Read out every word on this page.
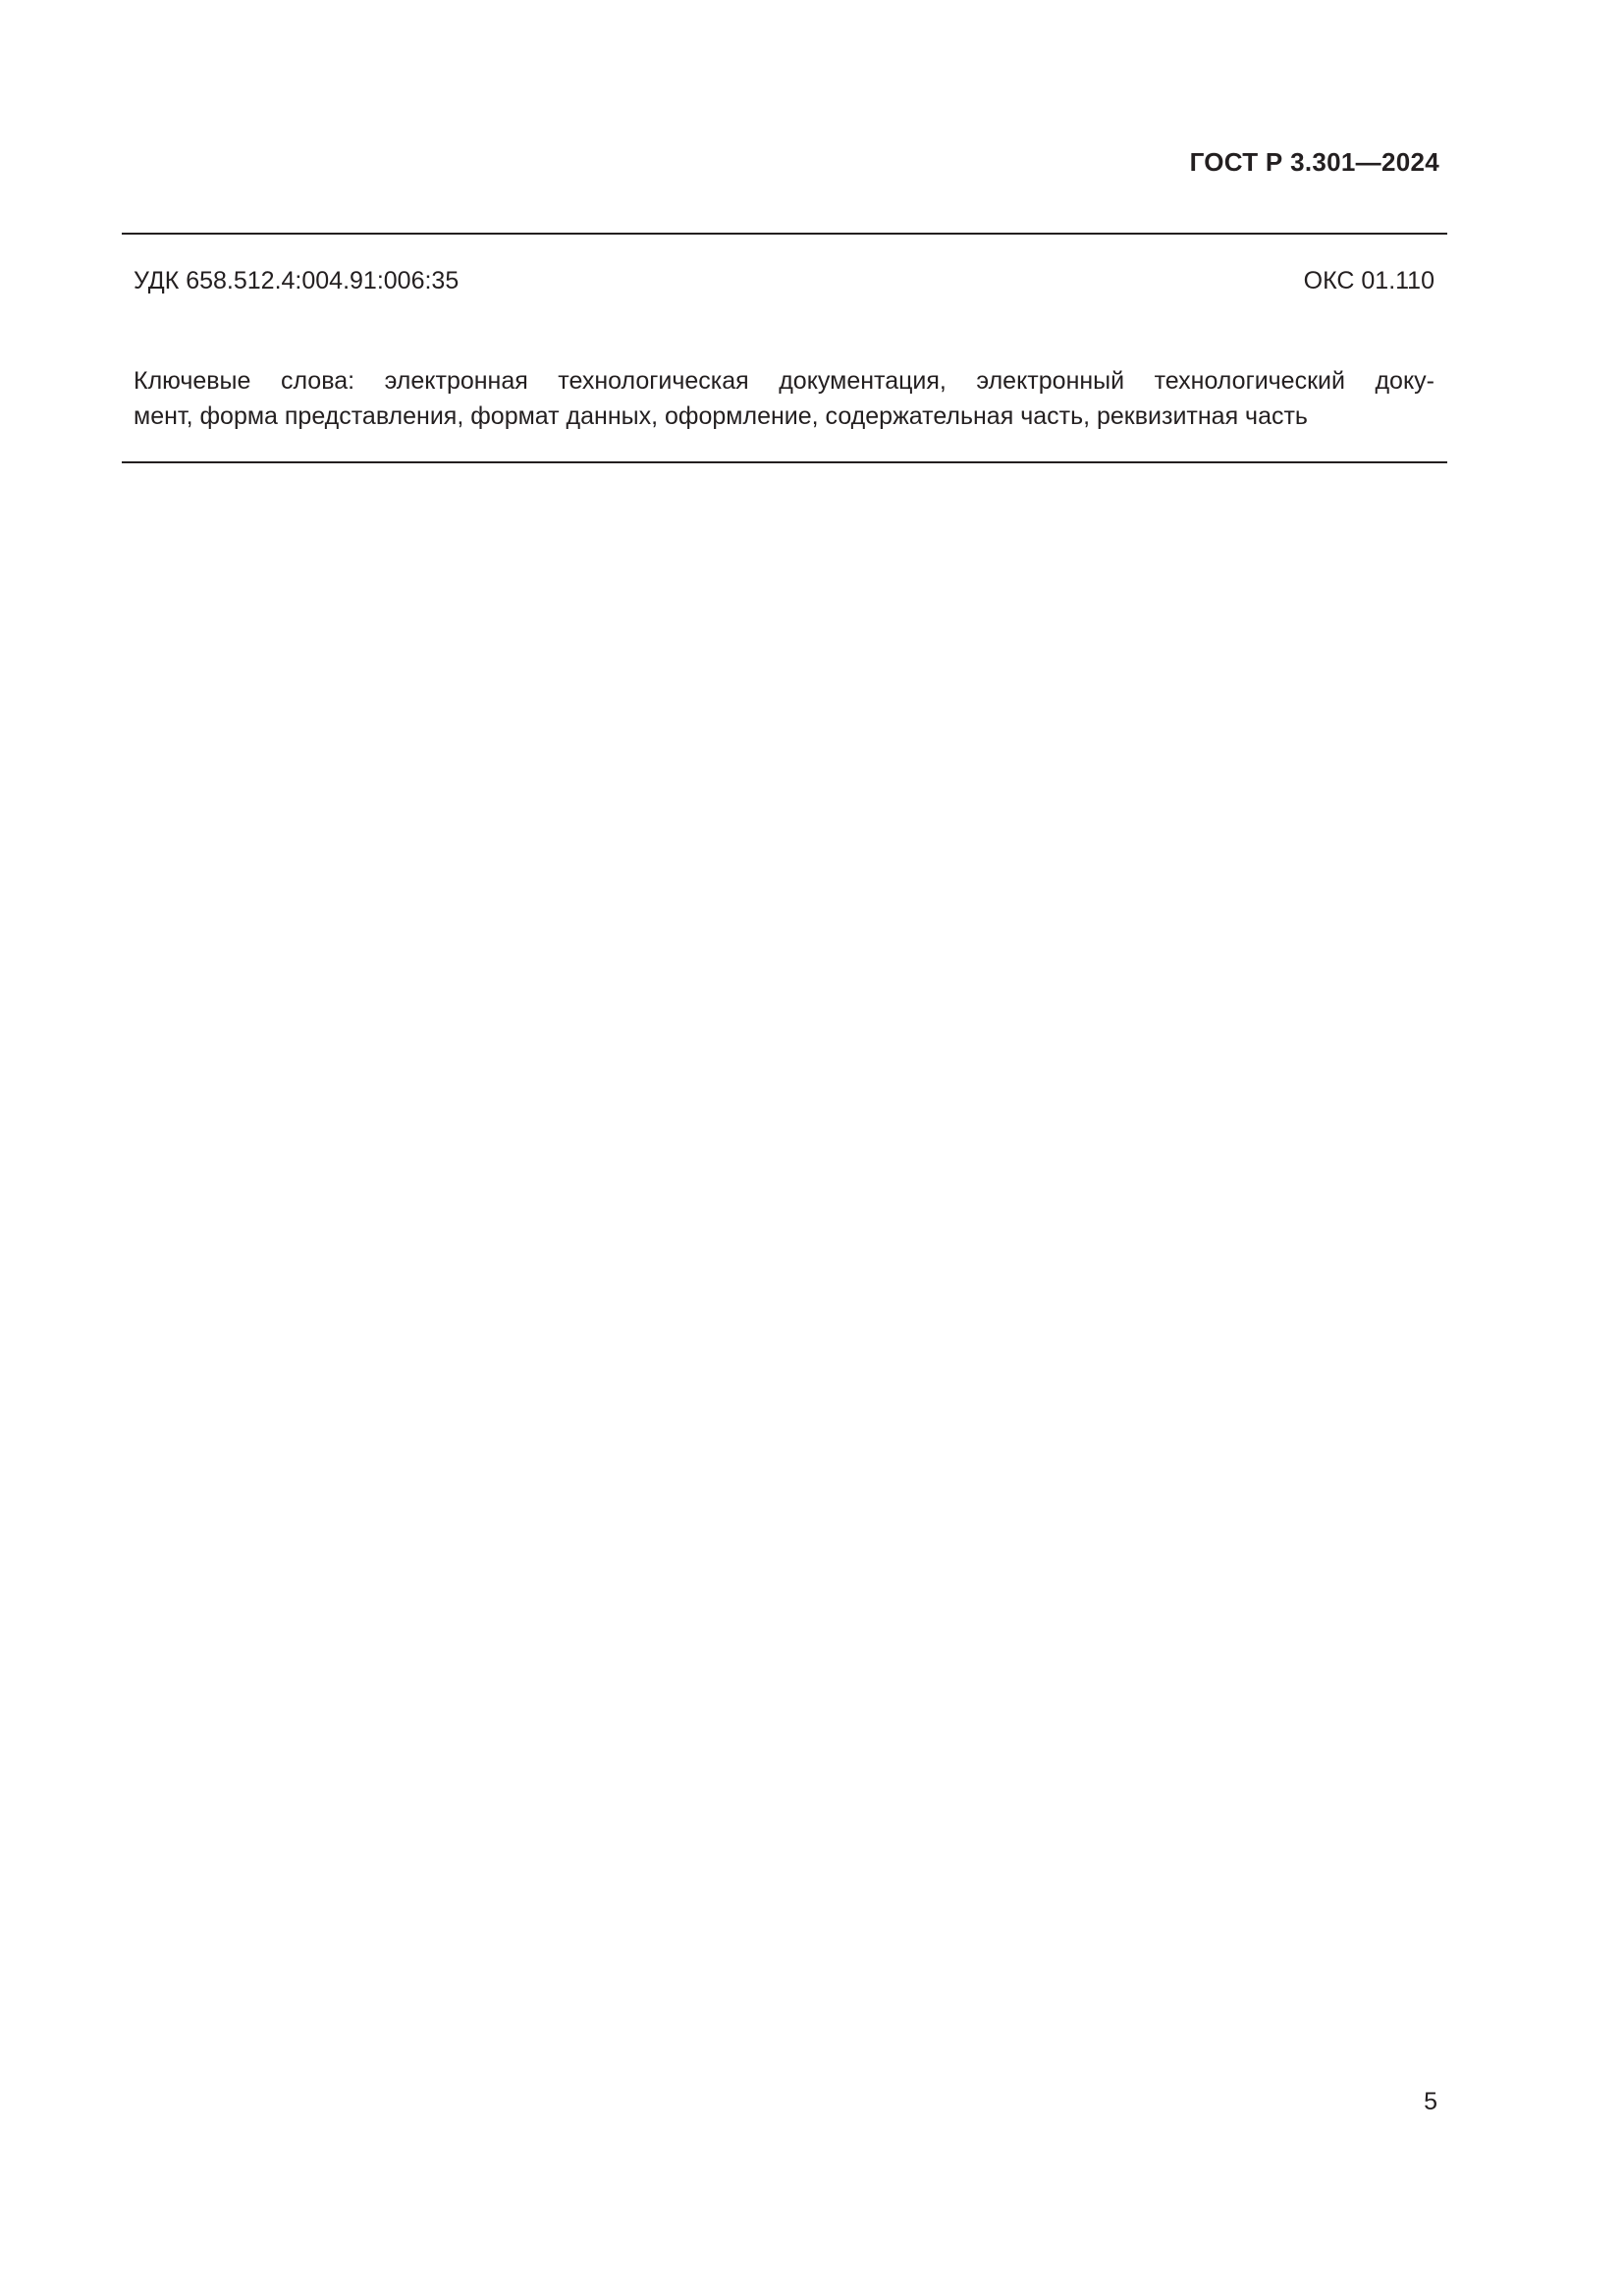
ГОСТ Р 3.301—2024
УДК 658.512.4:004.91:006:35	ОКС 01.110
Ключевые слова: электронная технологическая документация, электронный технологический доку-
мент, форма представления, формат данных, оформление, содержательная часть, реквизитная часть
5
